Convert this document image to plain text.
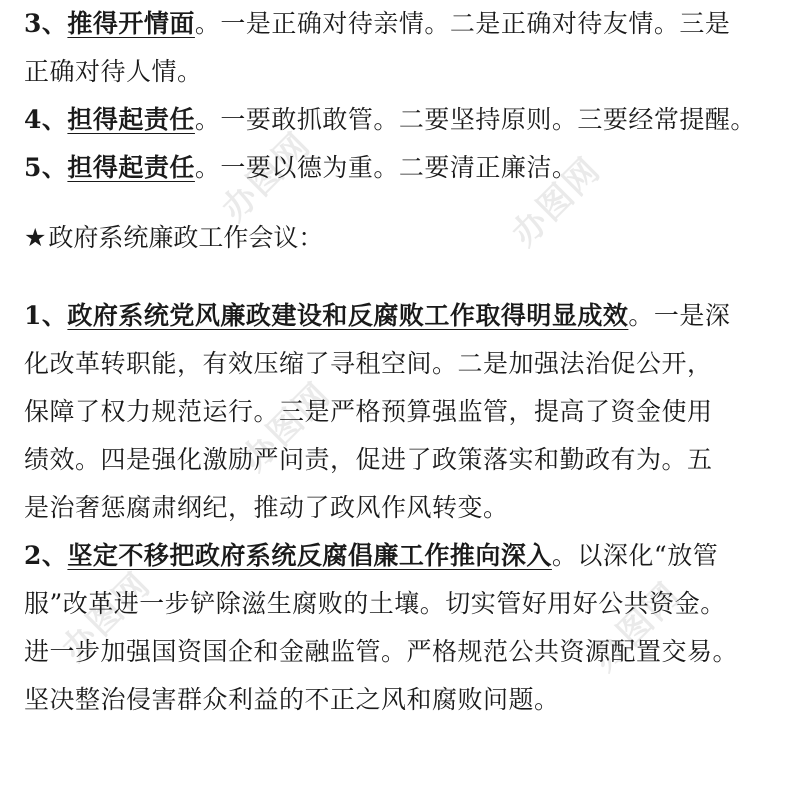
办图网	办图网
办图网
办图网	办图网
3、推得开情面。一是正确对待亲情。二是正确对待友情。三是
正确对待人情。
4、担得起责任。一要敢抓敢管。二要坚持原则。三要经常提醒。
5、担得起责任。一要以德为重。二要清正廉洁。
★政府系统廉政工作会议：
1、政府系统党风廉政建设和反腐败工作取得明显成效。一是深
化改革转职能，有效压缩了寻租空间。二是加强法治促公开，
保障了权力规范运行。三是严格预算强监管，提高了资金使用
绩效。四是强化激励严问责，促进了政策落实和勤政有为。五
是治奢惩腐肃纲纪，推动了政风作风转变。
2、坚定不移把政府系统反腐倡廉工作推向深入。以深化“放管
服”改革进一步铲除滋生腐败的土壤。切实管好用好公共资金。
进一步加强国资国企和金融监管。严格规范公共资源配置交易。
坚决整治侵害群众利益的不正之风和腐败问题。
